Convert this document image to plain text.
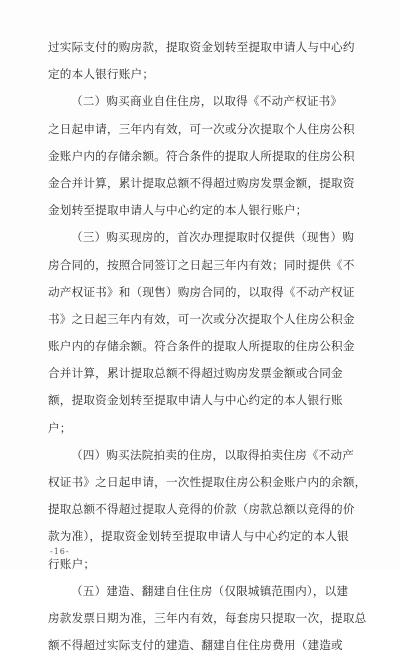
过实际支付的购房款，提取资金划转至提取申请人与中心约
定的本人银行账户；
（二）购买商业自住住房，以取得《不动产权证书》
之日起申请，三年内有效，可一次或分次提取个人住房公积
金账户内的存储余额。符合条件的提取人所提取的住房公积
金合并计算，累计提取总额不得超过购房发票金额，提取资
金划转至提取申请人与中心约定的本人银行账户；
（三）购买现房的，首次办理提取时仅提供（现售）购
房合同的，按照合同签订之日起三年内有效；同时提供《不
动产权证书》和（现售）购房合同的，以取得《不动产权证
书》之日起三年内有效，可一次或分次提取个人住房公积金
账户内的存储余额。符合条件的提取人所提取的住房公积金
合并计算，累计提取总额不得超过购房发票金额或合同金
额，提取资金划转至提取申请人与中心约定的本人银行账
户；
（四）购买法院拍卖的住房，以取得拍卖住房《不动产
权证书》之日起申请，一次性提取住房公积金账户内的余额，
提取总额不得超过提取人竞得的价款（房款总额以竞得的价
款为准），提取资金划转至提取申请人与中心约定的本人银
行账户；
（五）建造、翻建自住住房（仅限城镇范围内），以建
房款发票日期为准，三年内有效，每套房只提取一次，提取总
额不得超过实际支付的建造、翻建自住住房费用（建造或
-16-
